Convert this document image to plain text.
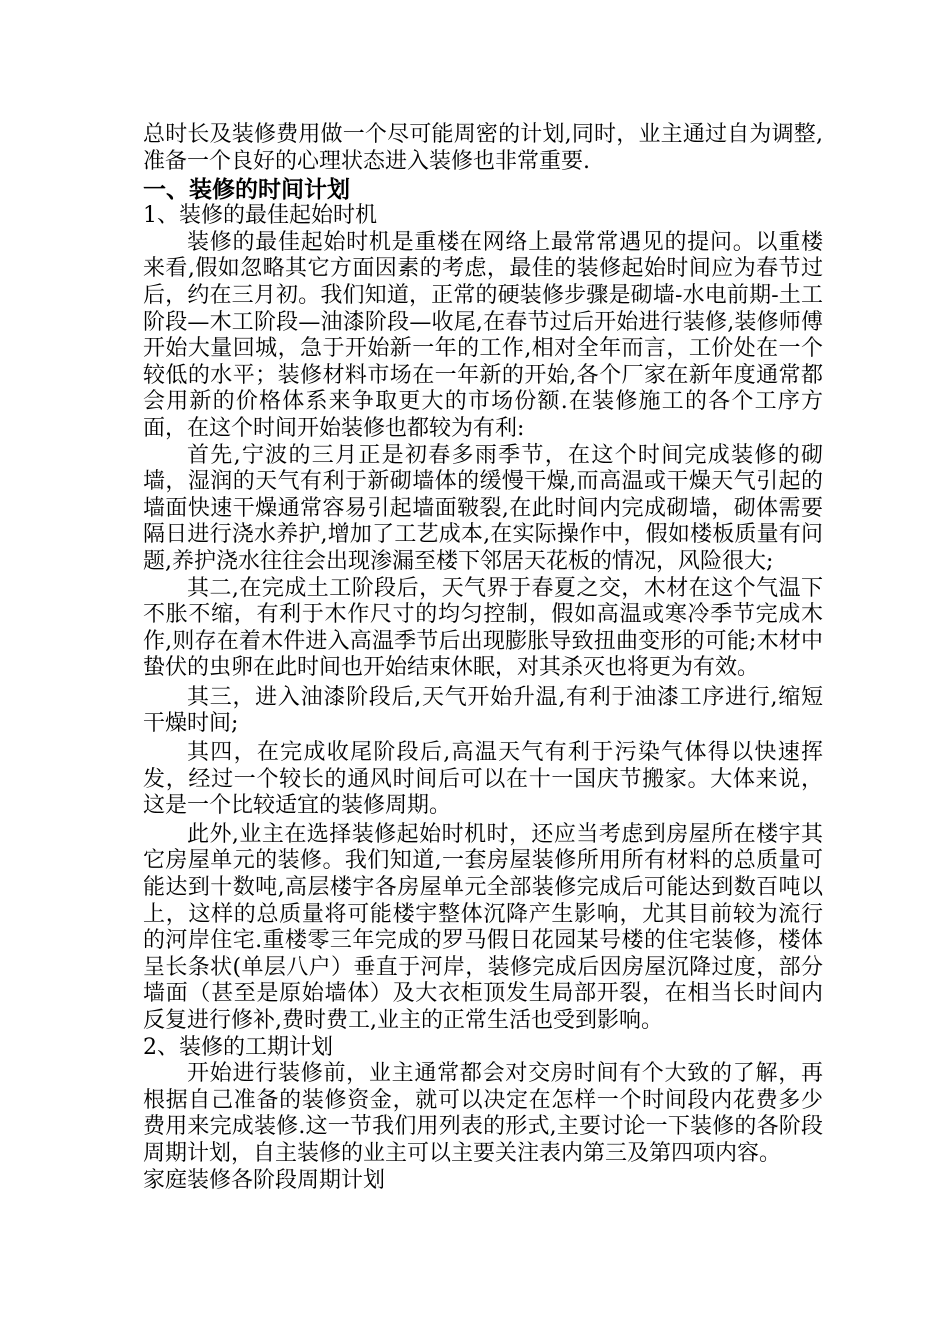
总时长及装修费用做一个尽可能周密的计划,同时，业主通过自为调整,准备一个良好的心理状态进入装修也非常重要.

一、装修的时间计划
1、装修的最佳起始时机

装修的最佳起始时机是重楼在网络上最常常遇见的提问。以重楼来看,假如忽略其它方面因素的考虑，最佳的装修起始时间应为春节过后，约在三月初。我们知道，正常的硬装修步骤是砌墙-水电前期-土工阶段—木工阶段—油漆阶段—收尾,在春节过后开始进行装修,装修师傅开始大量回城，急于开始新一年的工作,相对全年而言，工价处在一个较低的水平；装修材料市场在一年新的开始,各个厂家在新年度通常都会用新的价格体系来争取更大的市场份额.在装修施工的各个工序方面，在这个时间开始装修也都较为有利:

首先,宁波的三月正是初春多雨季节，在这个时间完成装修的砌墙，湿润的天气有利于新砌墙体的缓慢干燥,而高温或干燥天气引起的墙面快速干燥通常容易引起墙面皲裂,在此时间内完成砌墙，砌体需要隔日进行浇水养护,增加了工艺成本,在实际操作中，假如楼板质量有问题,养护浇水往往会出现渗漏至楼下邻居天花板的情况，风险很大;

其二,在完成土工阶段后，天气界于春夏之交，木材在这个气温下不胀不缩，有利于木作尺寸的均匀控制，假如高温或寒冷季节完成木作,则存在着木件进入高温季节后出现膨胀导致扭曲变形的可能;木材中蛰伏的虫卵在此时间也开始结束休眠，对其杀灭也将更为有效。

其三，进入油漆阶段后,天气开始升温,有利于油漆工序进行,缩短干燥时间;

其四，在完成收尾阶段后,高温天气有利于污染气体得以快速挥发，经过一个较长的通风时间后可以在十一国庆节搬家。大体来说，这是一个比较适宜的装修周期。

此外,业主在选择装修起始时机时，还应当考虑到房屋所在楼宇其它房屋单元的装修。我们知道,一套房屋装修所用所有材料的总质量可能达到十数吨,高层楼宇各房屋单元全部装修完成后可能达到数百吨以上，这样的总质量将可能楼宇整体沉降产生影响，尤其目前较为流行的河岸住宅.重楼零三年完成的罗马假日花园某号楼的住宅装修，楼体呈长条状(单层八户）垂直于河岸，装修完成后因房屋沉降过度，部分墙面（甚至是原始墙体）及大衣柜顶发生局部开裂，在相当长时间内反复进行修补,费时费工,业主的正常生活也受到影响。

2、装修的工期计划

开始进行装修前，业主通常都会对交房时间有个大致的了解，再根据自己准备的装修资金，就可以决定在怎样一个时间段内花费多少费用来完成装修.这一节我们用列表的形式,主要讨论一下装修的各阶段周期计划，自主装修的业主可以主要关注表内第三及第四项内容。

家庭装修各阶段周期计划
